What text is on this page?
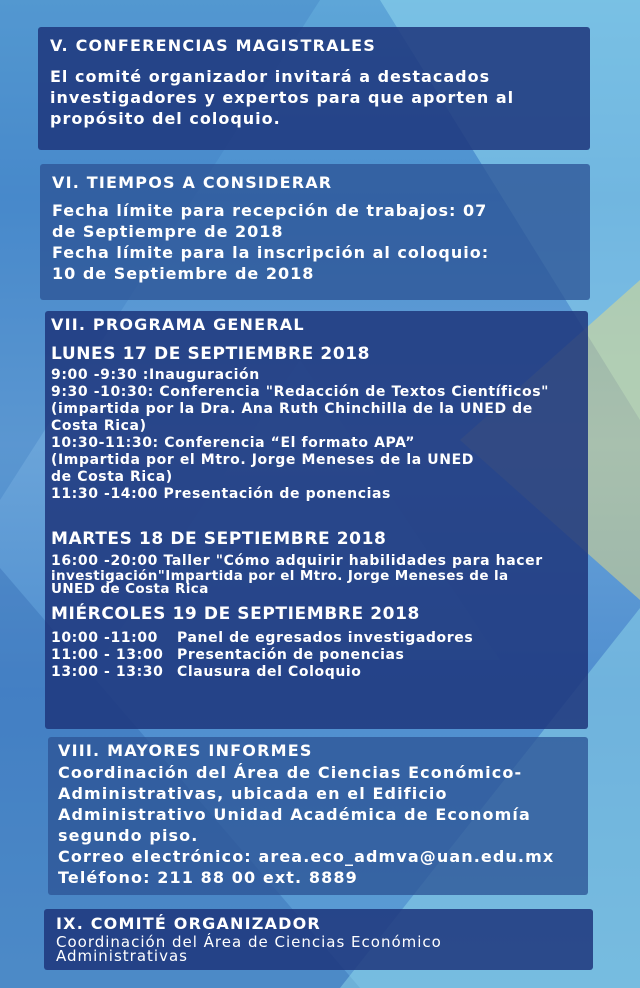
V. CONFERENCIAS MAGISTRALES
El comité organizador invitará a destacados investigadores y expertos para que aporten al propósito del coloquio.
VI. TIEMPOS A CONSIDERAR
Fecha límite para recepción de trabajos: 07
de Septiempre de 2018
Fecha límite para la inscripción al coloquio:
10 de Septiembre de 2018
VII. PROGRAMA GENERAL
LUNES 17 DE SEPTIEMBRE 2018
9:00 -9:30 :Inauguración
9:30 -10:30: Conferencia "Redacción de Textos Científicos"
(impartida por la Dra. Ana Ruth Chinchilla de la UNED de
Costa Rica)
10:30-11:30: Conferencia “El formato APA”
(Impartida por el Mtro. Jorge Meneses de la UNED
de Costa Rica)
11:30 -14:00 Presentación de ponencias
MARTES 18 DE SEPTIEMBRE 2018
16:00 -20:00 Taller "Cómo adquirir habilidades para hacer
investigación"Impartida por el Mtro. Jorge Meneses de la
UNED de Costa Rica
MIÉRCOLES 19 DE SEPTIEMBRE 2018
10:00 -11:00	Panel de egresados investigadores
11:00 - 13:00 Presentación de ponencias
13:00 - 13:30 Clausura del Coloquio
VIII. MAYORES INFORMES
Coordinación del Área de Ciencias Económico-
Administrativas, ubicada en el Edificio
Administrativo Unidad Académica de Economía
segundo piso.
Correo electrónico: area.eco_admva@uan.edu.mx
Teléfono: 211 88 00 ext. 8889
IX. COMITÉ ORGANIZADOR
Coordinación del Área de Ciencias Económico
Administrativas
